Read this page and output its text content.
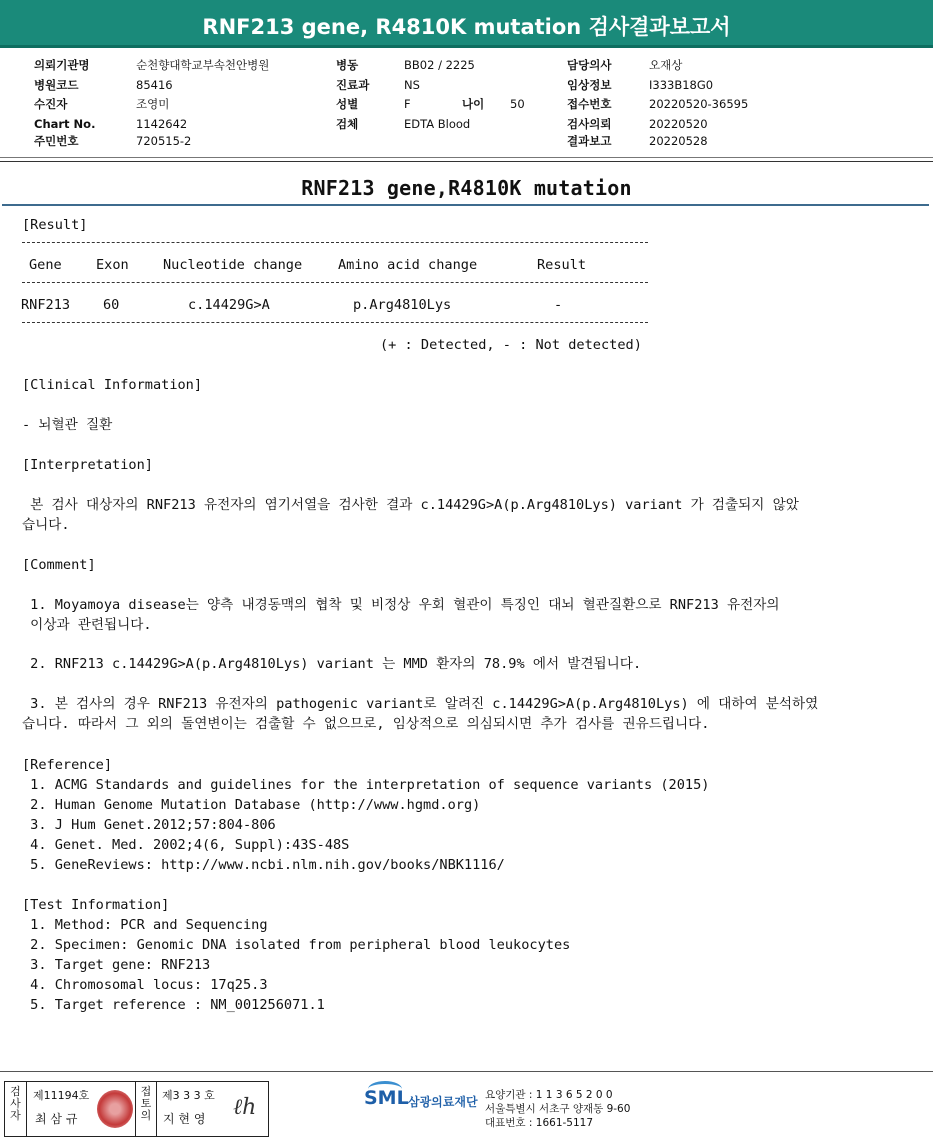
RNF213 gene, R4810K mutation 검사결과보고서
의뢰기관명	순천향대학교부속천안병원
병원코드	85416
수진자	조영미
Chart No.	1142642
주민번호	720515-2
병동	BB02 / 2225
진료과	NS
성별	F	나이	50
검체	EDTA Blood
담당의사	오재상
임상정보	I333B18G0
접수번호	20220520-36595
검사의뢰	20220520
결과보고	20220528
RNF213 gene,R4810K mutation
[Result]
Gene	Exon	Nucleotide change	Amino acid change	Result
RNF213 60	c.14429G>A	p.Arg4810Lys	-
(+ : Detected, - : Not detected)
[Clinical Information]
- 뇌혈관 질환
[Interpretation]
본 검사 대상자의 RNF213 유전자의 염기서열을 검사한 결과 c.14429G>A(p.Arg4810Lys) variant 가 검출되지 않았
습니다.
[Comment]
1. Moyamoya disease는 양측 내경동맥의 협착 및 비정상 우회 혈관이 특징인 대뇌 혈관질환으로 RNF213 유전자의
이상과 관련됩니다.
2. RNF213 c.14429G>A(p.Arg4810Lys) variant 는 MMD 환자의 78.9% 에서 발견됩니다.
3. 본 검사의 경우 RNF213 유전자의 pathogenic variant로 알려진 c.14429G>A(p.Arg4810Lys) 에 대하여 분석하였
습니다. 따라서 그 외의 돌연변이는 검출할 수 없으므로, 임상적으로 의심되시면 추가 검사를 권유드립니다.
[Reference]
1. ACMG Standards and guidelines for the interpretation of sequence variants (2015)
2. Human Genome Mutation Database (http://www.hgmd.org)
3. J Hum Genet.2012;57:804-806
4. Genet. Med. 2002;4(6, Suppl):43S-48S
5. GeneReviews: http://www.ncbi.nlm.nih.gov/books/NBK1116/
[Test Information]
1. Method: PCR and Sequencing
2. Specimen: Genomic DNA isolated from peripheral blood leukocytes
3. Target gene: RNF213
4. Chromosomal locus: 17q25.3
5. Target reference : NM_001256071.1
검사자
제11194호
최 삼 규
접토의
제3 3 3 호
지 현 영 ℓh	SML 삼광의료재단 요양기관 : 1 1 3 6 5 2 0 0
서울특별시 서초구 양재동 9-60
대표번호 : 1661-5117
